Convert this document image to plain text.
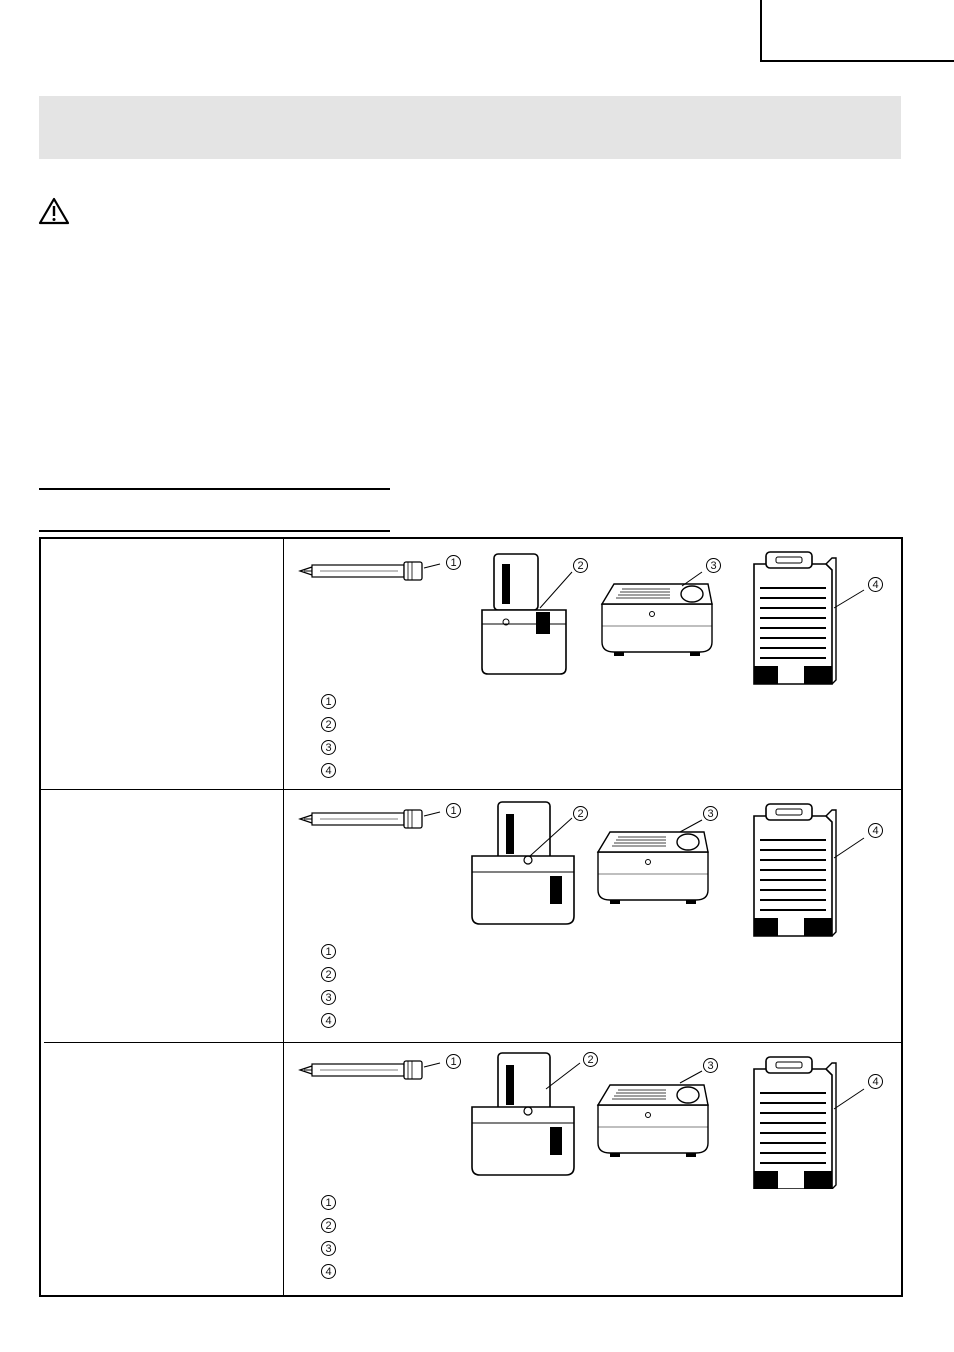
1	2	3
4
1
2
3
4
1	2	3
4
1
2
3
4
1	2	3
4
1
2
3
4
